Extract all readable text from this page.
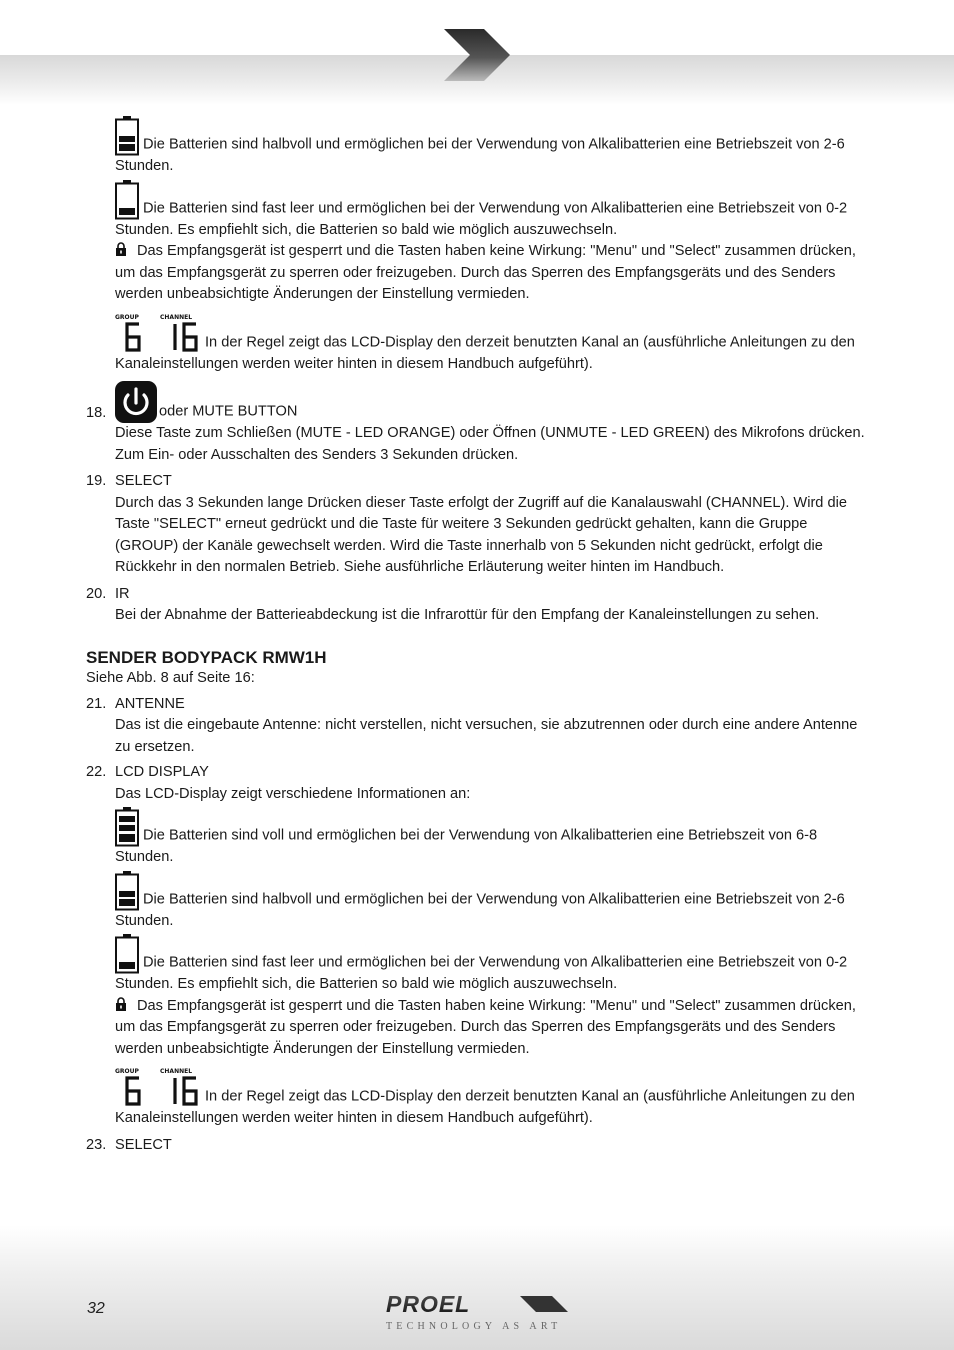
Die Batterien sind halbvoll und ermöglichen bei der Verwendung von Alkalibatterien eine Betriebszeit von 2-6 Stunden.

Die Batterien sind fast leer und ermöglichen bei der Verwendung von Alkalibatterien eine Betriebszeit von 0-2 Stunden. Es empfiehlt sich, die Batterien so bald wie möglich auszuwechseln.

Das Empfangsgerät ist gesperrt und die Tasten haben keine Wirkung: "Menu" und "Select" zusammen drücken, um das Empfangsgerät zu sperren oder freizugeben. Durch das Sperren des Empfangsgeräts und des Senders werden unbeabsichtigte Änderungen der Einstellung vermieden.

GROUP	CHANNEL
In der Regel zeigt das LCD-Display den derzeit benutzten Kanal an (ausführliche Anleitungen zu den Kanaleinstellungen werden weiter hinten in diesem Handbuch aufgeführt).

18.	oder MUTE BUTTON
Diese Taste zum Schließen (MUTE - LED ORANGE) oder Öffnen (UNMUTE - LED GREEN) des Mikrofons drücken. Zum Ein- oder Ausschalten des Senders 3 Sekunden drücken.
19. SELECT
Durch das 3 Sekunden lange Drücken dieser Taste erfolgt der Zugriff auf die Kanalauswahl (CHANNEL). Wird die Taste "SELECT" erneut gedrückt und die Taste für weitere 3 Sekunden gedrückt gehalten, kann die Gruppe (GROUP) der Kanäle gewechselt werden. Wird die Taste innerhalb von 5 Sekunden nicht gedrückt, erfolgt die Rückkehr in den normalen Betrieb. Siehe ausführliche Erläuterung weiter hinten im Handbuch.
20. IR
Bei der Abnahme der Batterieabdeckung ist die Infrarottür für den Empfang der Kanaleinstellungen zu sehen.

SENDER BODYPACK RMW1H

Siehe Abb. 8 auf Seite 16:

21. ANTENNE
Das ist die eingebaute Antenne: nicht verstellen, nicht versuchen, sie abzutrennen oder durch eine andere Antenne zu ersetzen.
22. LCD DISPLAY
Das LCD-Display zeigt verschiedene Informationen an:

Die Batterien sind voll und ermöglichen bei der Verwendung von Alkalibatterien eine Betriebszeit von 6-8 Stunden.

Die Batterien sind halbvoll und ermöglichen bei der Verwendung von Alkalibatterien eine Betriebszeit von 2-6 Stunden.

Die Batterien sind fast leer und ermöglichen bei der Verwendung von Alkalibatterien eine Betriebszeit von 0-2 Stunden. Es empfiehlt sich, die Batterien so bald wie möglich auszuwechseln.

Das Empfangsgerät ist gesperrt und die Tasten haben keine Wirkung: "Menu" und "Select" zusammen drücken, um das Empfangsgerät zu sperren oder freizugeben. Durch das Sperren des Empfangsgeräts und des Senders werden unbeabsichtigte Änderungen der Einstellung vermieden.

GROUP	CHANNEL
In der Regel zeigt das LCD-Display den derzeit benutzten Kanal an (ausführliche Anleitungen zu den Kanaleinstellungen werden weiter hinten in diesem Handbuch aufgeführt).

23. SELECT
32	PROEL
TECHNOLOGY AS ART
